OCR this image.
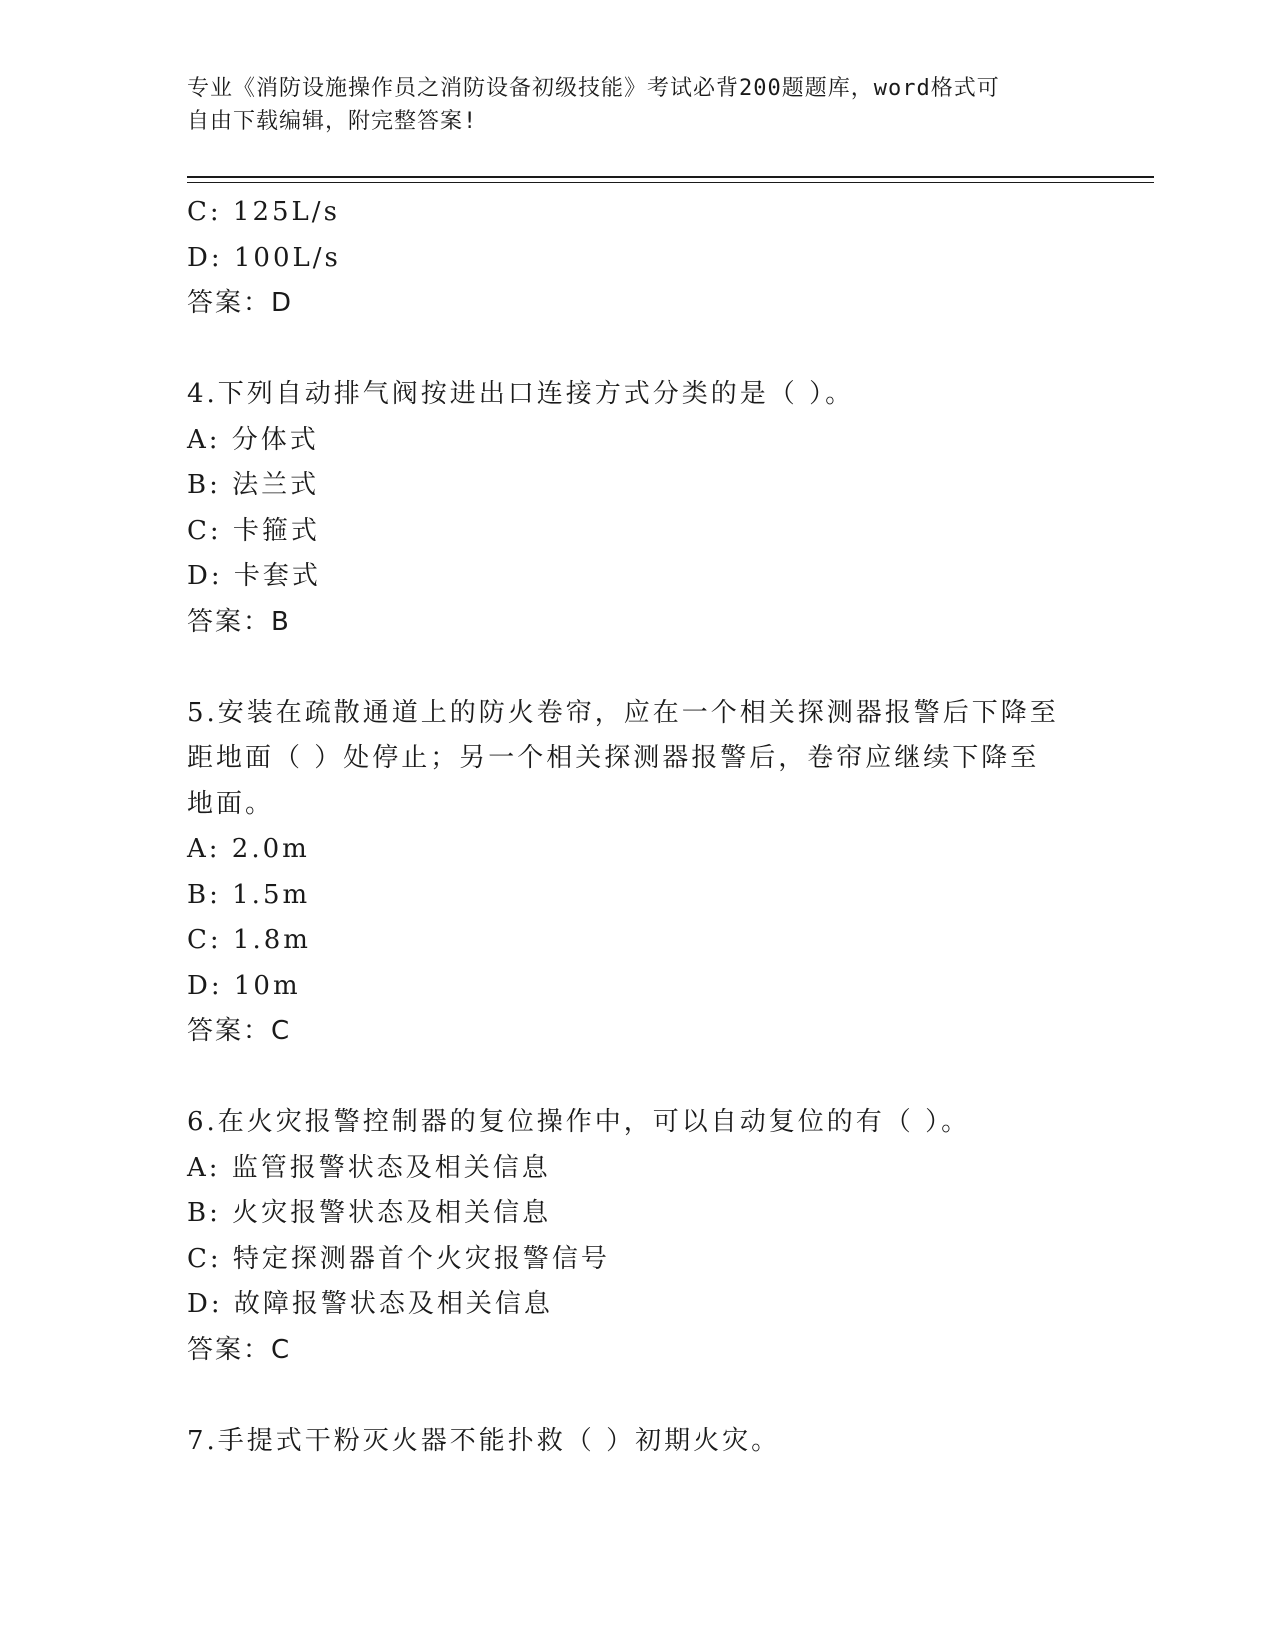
专业《消防设施操作员之消防设备初级技能》考试必背200题题库，word格式可
自由下载编辑，附完整答案!
C: 125L/s
D: 100L/s
答案：D
4.下列自动排气阀按进出口连接方式分类的是（ ）。
A: 分体式
B: 法兰式
C: 卡箍式
D: 卡套式
答案：B
5.安装在疏散通道上的防火卷帘，应在一个相关探测器报警后下降至
距地面（ ）处停止；另一个相关探测器报警后，卷帘应继续下降至
地面。
A: 2.0m
B: 1.5m
C: 1.8m
D: 10m
答案：C
6.在火灾报警控制器的复位操作中，可以自动复位的有（ ）。
A: 监管报警状态及相关信息
B: 火灾报警状态及相关信息
C: 特定探测器首个火灾报警信号
D: 故障报警状态及相关信息
答案：C
7.手提式干粉灭火器不能扑救（ ）初期火灾。
